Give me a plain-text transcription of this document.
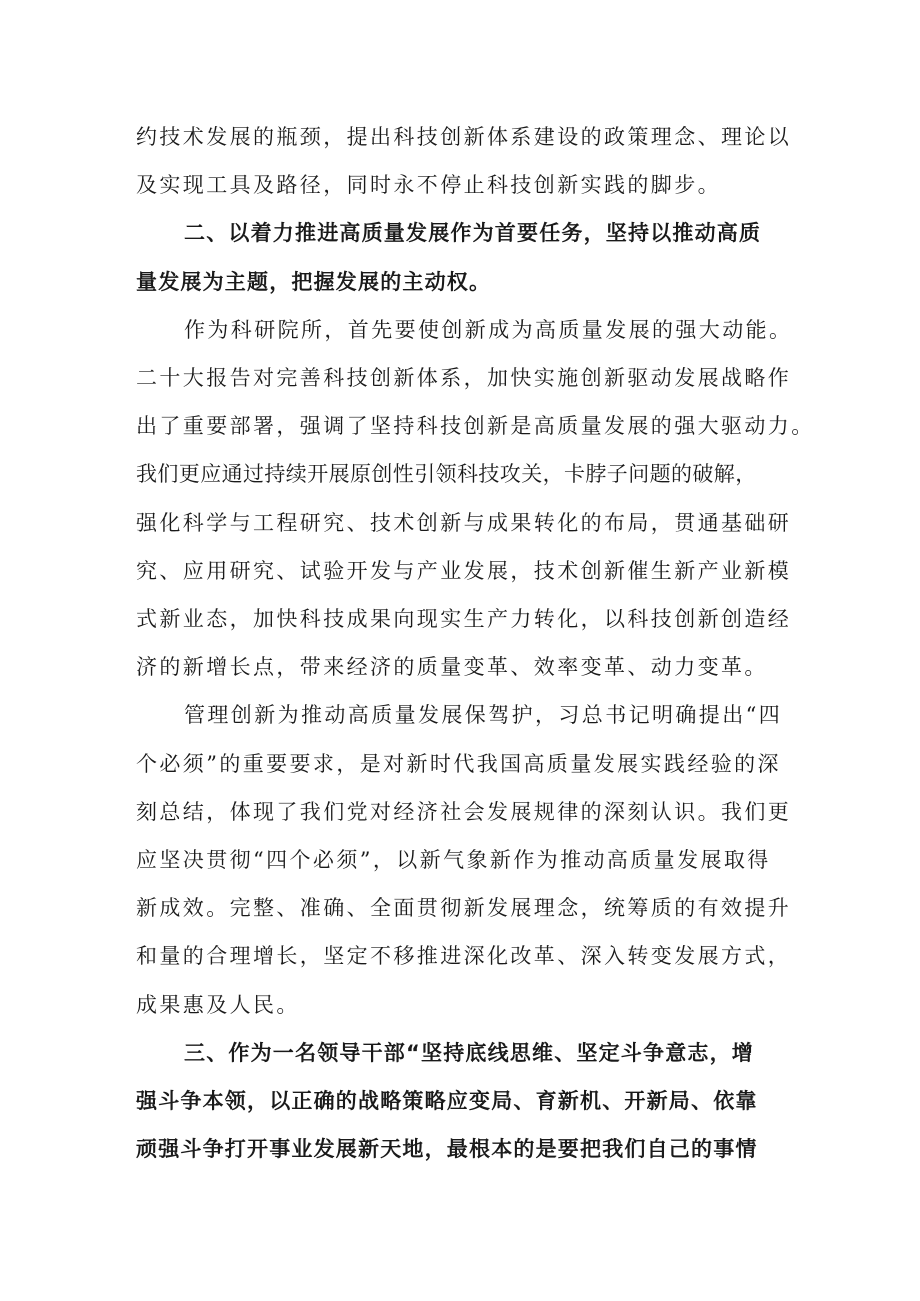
约技术发展的瓶颈，提出科技创新体系建设的政策理念、理论以
及实现工具及路径，同时永不停止科技创新实践的脚步。

二、以着力推进高质量发展作为首要任务，坚持以推动高质
量发展为主题，把握发展的主动权。

作为科研院所，首先要使创新成为高质量发展的强大动能。
二十大报告对完善科技创新体系，加快实施创新驱动发展战略作
出了重要部署，强调了坚持科技创新是高质量发展的强大驱动力。
我们更应通过持续开展原创性引领科技攻关，卡脖子问题的破解，
强化科学与工程研究、技术创新与成果转化的布局，贯通基础研
究、应用研究、试验开发与产业发展，技术创新催生新产业新模
式新业态，加快科技成果向现实生产力转化，以科技创新创造经
济的新增长点，带来经济的质量变革、效率变革、动力变革。

管理创新为推动高质量发展保驾护，习总书记明确提出“四
个必须”的重要要求，是对新时代我国高质量发展实践经验的深
刻总结，体现了我们党对经济社会发展规律的深刻认识。我们更
应坚决贯彻“四个必须”，以新气象新作为推动高质量发展取得
新成效。完整、准确、全面贯彻新发展理念，统筹质的有效提升
和量的合理增长，坚定不移推进深化改革、深入转变发展方式，
成果惠及人民。

三、作为一名领导干部“坚持底线思维、坚定斗争意志，增
强斗争本领，以正确的战略策略应变局、育新机、开新局、依靠
顽强斗争打开事业发展新天地，最根本的是要把我们自己的事情
